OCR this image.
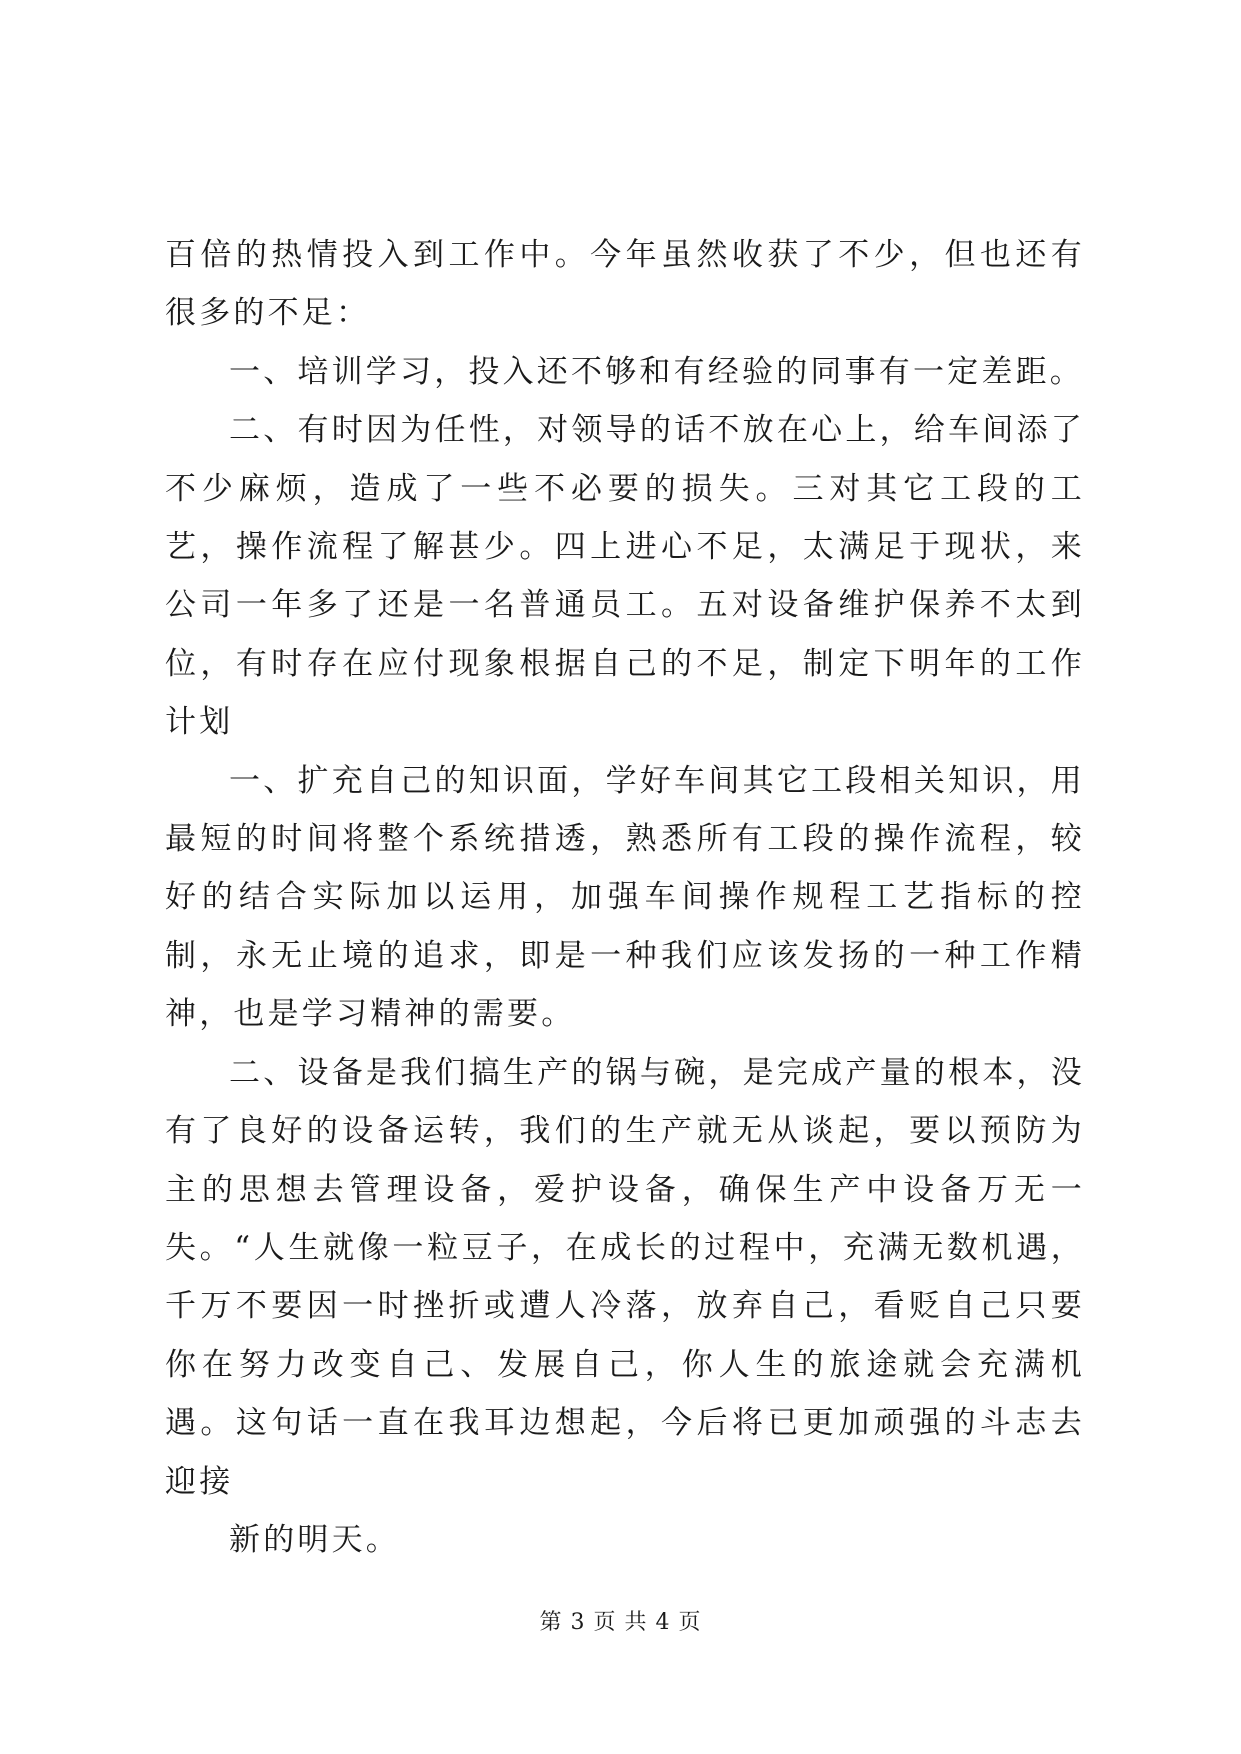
百倍的热情投入到工作中。今年虽然收获了不少，但也还有很多的不足：

一、培训学习，投入还不够和有经验的同事有一定差距。

二、有时因为任性，对领导的话不放在心上，给车间添了不少麻烦，造成了一些不必要的损失。三对其它工段的工艺，操作流程了解甚少。四上进心不足，太满足于现状，来公司一年多了还是一名普通员工。五对设备维护保养不太到位，有时存在应付现象根据自己的不足，制定下明年的工作计划

一、扩充自己的知识面，学好车间其它工段相关知识，用最短的时间将整个系统措透，熟悉所有工段的操作流程，较好的结合实际加以运用，加强车间操作规程工艺指标的控制，永无止境的追求，即是一种我们应该发扬的一种工作精神，也是学习精神的需要。

二、设备是我们搞生产的锅与碗，是完成产量的根本，没有了良好的设备运转，我们的生产就无从谈起，要以预防为主的思想去管理设备，爱护设备，确保生产中设备万无一失。“人生就像一粒豆子，在成长的过程中，充满无数机遇，千万不要因一时挫折或遭人冷落，放弃自己，看贬自己只要你在努力改变自己、发展自己，你人生的旅途就会充满机遇。这句话一直在我耳边想起，今后将已更加顽强的斗志去迎接

新的明天。

第 3 页 共 4 页
